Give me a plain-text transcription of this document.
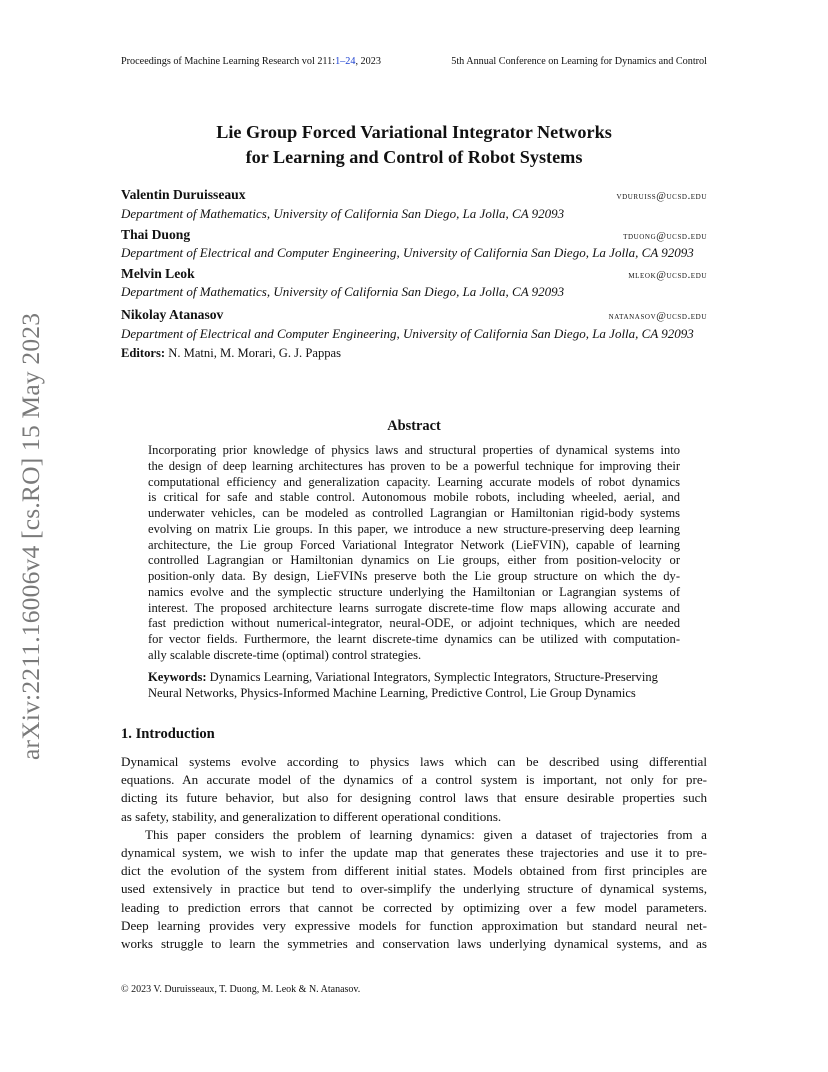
Proceedings of Machine Learning Research vol 211:1–24, 2023	5th Annual Conference on Learning for Dynamics and Control
Lie Group Forced Variational Integrator Networks
for Learning and Control of Robot Systems
Valentin Duruisseaux	vduruiss@ucsd.edu
Department of Mathematics, University of California San Diego, La Jolla, CA 92093
Thai Duong	tduong@ucsd.edu
Department of Electrical and Computer Engineering, University of California San Diego, La Jolla, CA 92093
Melvin Leok	mleok@ucsd.edu
Department of Mathematics, University of California San Diego, La Jolla, CA 92093
Nikolay Atanasov	natanasov@ucsd.edu
Department of Electrical and Computer Engineering, University of California San Diego, La Jolla, CA 92093
Editors: N. Matni, M. Morari, G. J. Pappas
Abstract
Incorporating prior knowledge of physics laws and structural properties of dynamical systems into
the design of deep learning architectures has proven to be a powerful technique for improving their
computational efficiency and generalization capacity. Learning accurate models of robot dynamics
is critical for safe and stable control. Autonomous mobile robots, including wheeled, aerial, and
underwater vehicles, can be modeled as controlled Lagrangian or Hamiltonian rigid-body systems
evolving on matrix Lie groups. In this paper, we introduce a new structure-preserving deep learning
architecture, the Lie group Forced Variational Integrator Network (LieFVIN), capable of learning
controlled Lagrangian or Hamiltonian dynamics on Lie groups, either from position-velocity or
position-only data. By design, LieFVINs preserve both the Lie group structure on which the dy-
namics evolve and the symplectic structure underlying the Hamiltonian or Lagrangian systems of
interest. The proposed architecture learns surrogate discrete-time flow maps allowing accurate and
fast prediction without numerical-integrator, neural-ODE, or adjoint techniques, which are needed
for vector fields. Furthermore, the learnt discrete-time dynamics can be utilized with computation-
ally scalable discrete-time (optimal) control strategies.
Keywords: Dynamics Learning, Variational Integrators, Symplectic Integrators, Structure-Preserving
Neural Networks, Physics-Informed Machine Learning, Predictive Control, Lie Group Dynamics
1. Introduction
Dynamical systems evolve according to physics laws which can be described using differential
equations. An accurate model of the dynamics of a control system is important, not only for pre-
dicting its future behavior, but also for designing control laws that ensure desirable properties such
as safety, stability, and generalization to different operational conditions.
This paper considers the problem of learning dynamics: given a dataset of trajectories from a
dynamical system, we wish to infer the update map that generates these trajectories and use it to pre-
dict the evolution of the system from different initial states. Models obtained from first principles are
used extensively in practice but tend to over-simplify the underlying structure of dynamical systems,
leading to prediction errors that cannot be corrected by optimizing over a few model parameters.
Deep learning provides very expressive models for function approximation but standard neural net-
works struggle to learn the symmetries and conservation laws underlying dynamical systems, and as
© 2023 V. Duruisseaux, T. Duong, M. Leok & N. Atanasov.
arXiv:2211.16006v4 [cs.RO] 15 May 2023
